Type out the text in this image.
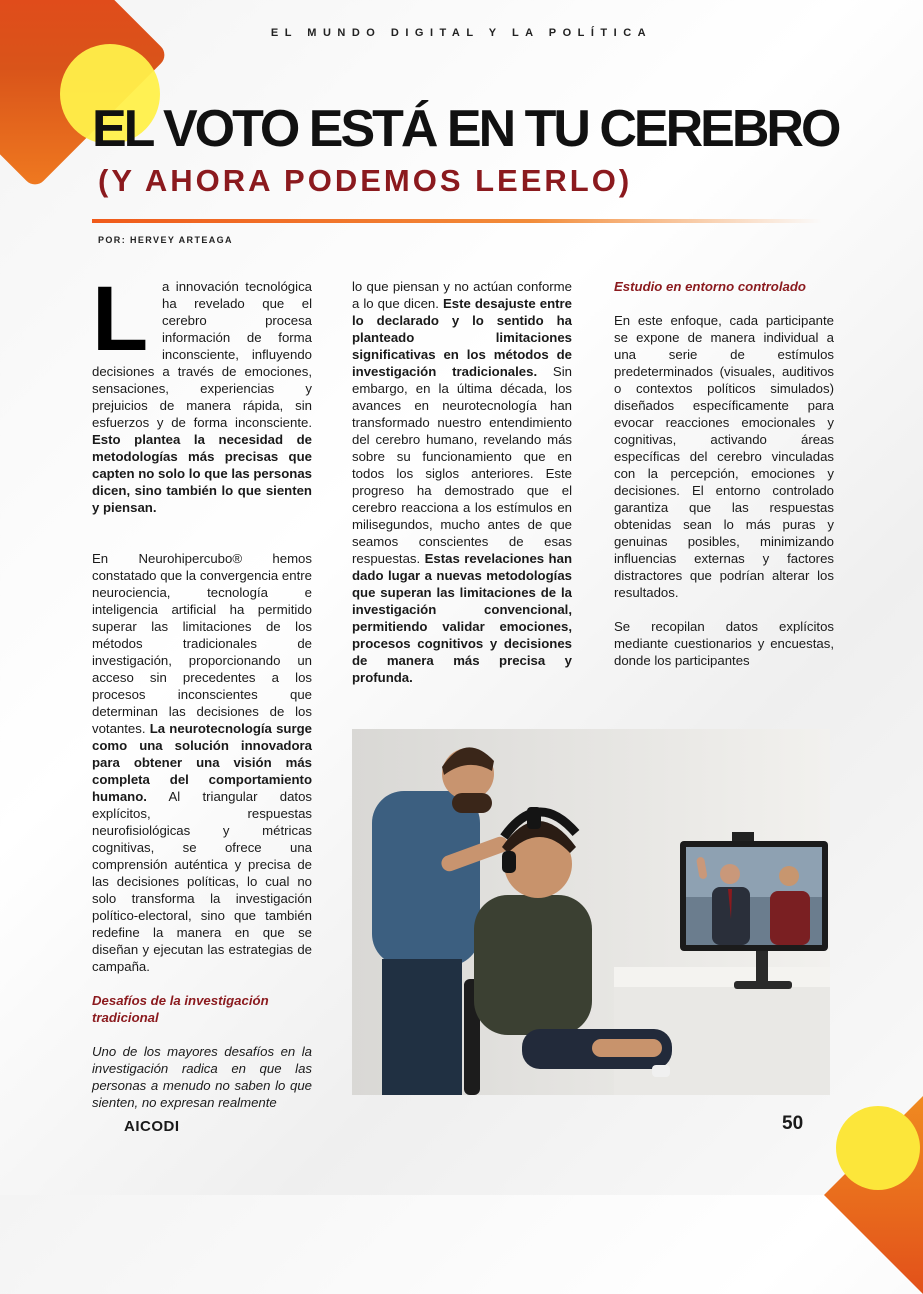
EL MUNDO DIGITAL Y LA POLÍTICA
EL VOTO ESTÁ EN TU CEREBRO
(Y AHORA PODEMOS LEERLO)
POR: HERVEY ARTEAGA

L a innovación tecnológica ha revelado que el cerebro procesa información de forma inconsciente, influyendo decisiones a través de emociones, sensaciones, experiencias y prejuicios de manera rápida, sin esfuerzos y de forma inconsciente. Esto plantea la necesidad de metodologías más precisas que capten no solo lo que las personas dicen, sino también lo que sienten y piensan.

En Neurohipercubo® hemos constatado que la convergencia entre neurociencia, tecnología e inteligencia artificial ha permitido superar las limitaciones de los métodos tradicionales de investigación, proporcionando un acceso sin precedentes a los procesos inconscientes que determinan las decisiones de los votantes. La neurotecnología surge como una solución innovadora para obtener una visión más completa del comportamiento humano. Al triangular datos explícitos, respuestas neurofisiológicas y métricas cognitivas, se ofrece una comprensión auténtica y precisa de las decisiones políticas, lo cual no solo transforma la investigación político-electoral, sino que también redefine la manera en que se diseñan y ejecutan las estrategias de campaña.

Desafíos de la investigación tradicional

Uno de los mayores desafíos en la investigación radica en que las personas a menudo no saben lo que sienten, no expresan realmente

lo que piensan y no actúan conforme a lo que dicen. Este desajuste entre lo declarado y lo sentido ha planteado limitaciones significativas en los métodos de investigación tradicionales. Sin embargo, en la última década, los avances en neurotecnología han transformado nuestro entendimiento del cerebro humano, revelando más sobre su funcionamiento que en todos los siglos anteriores. Este progreso ha demostrado que el cerebro reacciona a los estímulos en milisegundos, mucho antes de que seamos conscientes de esas respuestas. Estas revelaciones han dado lugar a nuevas metodologías que superan las limitaciones de la investigación convencional, permitiendo validar emociones, procesos cognitivos y decisiones de manera más precisa y profunda.

Estudio en entorno controlado

En este enfoque, cada participante se expone de manera individual a una serie de estímulos predeterminados (visuales, auditivos o contextos políticos simulados) diseñados específicamente para evocar reacciones emocionales y cognitivas, activando áreas específicas del cerebro vinculadas con la percepción, emociones y decisiones. El entorno controlado garantiza que las respuestas obtenidas sean lo más puras y genuinas posibles, minimizando influencias externas y factores distractores que podrían alterar los resultados.

Se recopilan datos explícitos mediante cuestionarios y encuestas, donde los participantes

AICODI	50
